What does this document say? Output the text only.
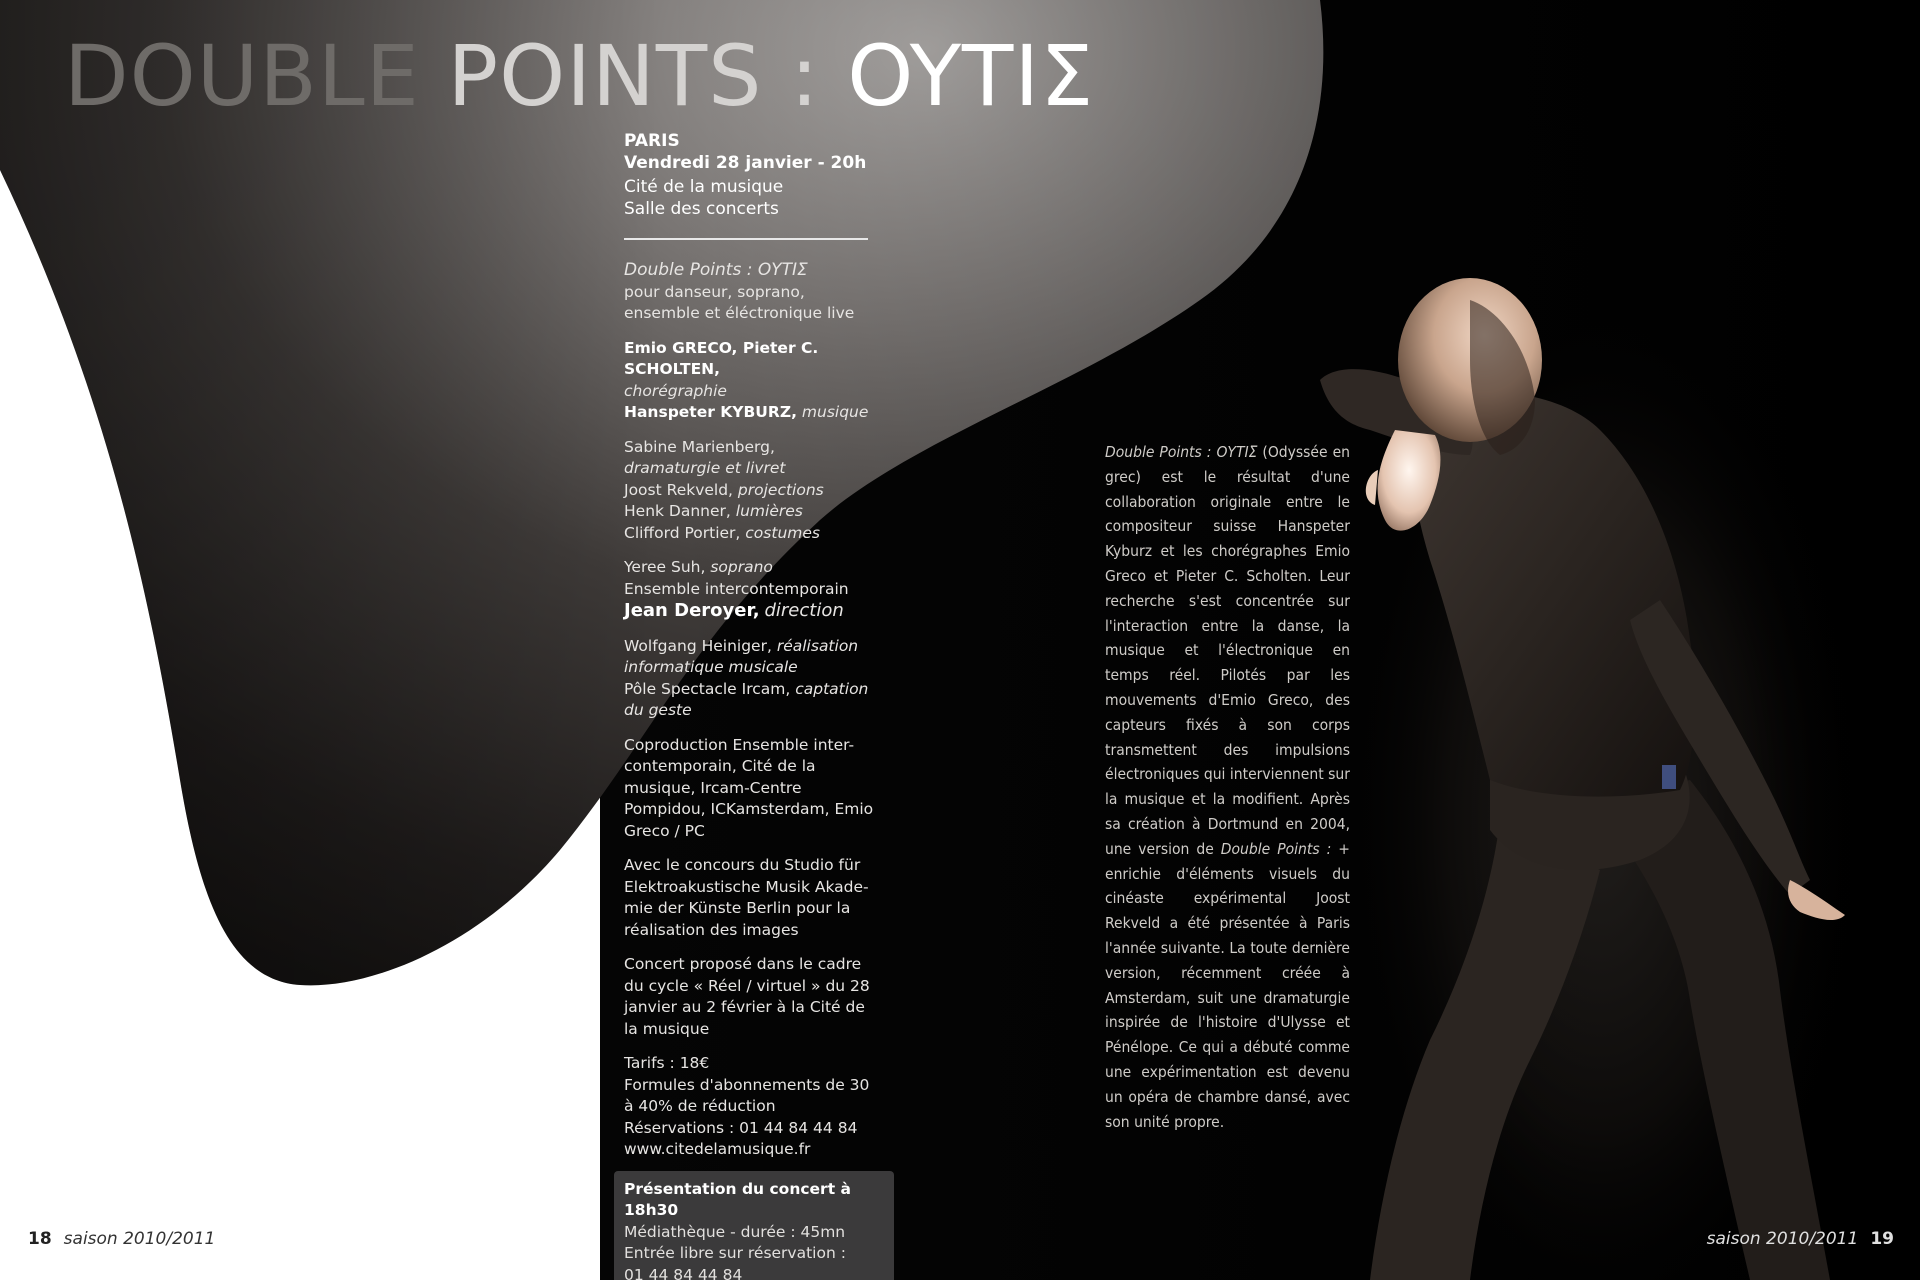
DOUBLE POINTS : OYTIΣ
PARIS
Vendredi 28 janvier - 20h
Cité de la musique
Salle des concerts

Double Points : OYTIΣ
pour danseur, soprano, ensemble et éléctronique live

Emio GRECO, Pieter C. SCHOLTEN,
chorégraphie
Hanspeter KYBURZ, musique

Sabine Marienberg, dramaturgie et livret
Joost Rekveld, projections
Henk Danner, lumières
Clifford Portier, costumes

Yeree Suh, soprano
Ensemble intercontemporain
Jean Deroyer, direction

Wolfgang Heiniger, réalisation informatique musicale
Pôle Spectacle Ircam, captation du geste

Coproduction Ensemble inter-contemporain, Cité de la musique, Ircam-Centre Pompidou, ICKamsterdam, Emio Greco / PC

Avec le concours du Studio für Elektroakustische Musik Akade-mie der Künste Berlin pour la réalisation des images

Concert proposé dans le cadre du cycle « Réel / virtuel » du 28 janvier au 2 février à la Cité de la musique

Tarifs : 18€
Formules d'abonnements de 30 à 40% de réduction
Réservations : 01 44 84 44 84
www.citedelamusique.fr

Présentation du concert à 18h30
Médiathèque - durée : 45mn
Entrée libre sur réservation :
01 44 84 44 84
Double Points : OYTIΣ (Odyssée en grec) est le résultat d'une collaboration originale entre le compositeur suisse Hanspeter Kyburz et les chorégraphes Emio Greco et Pieter C. Scholten. Leur recherche s'est concentrée sur l'interaction entre la danse, la musique et l'électronique en temps réel. Pilotés par les mouvements d'Emio Greco, des capteurs fixés à son corps transmettent des impulsions électroniques qui interviennent sur la musique et la modifient. Après sa création à Dortmund en 2004, une version de Double Points : + enrichie d'éléments visuels du cinéaste expérimental Joost Rekveld a été présentée à Paris l'année suivante. La toute dernière version, récemment créée à Amsterdam, suit une dramaturgie inspirée de l'histoire d'Ulysse et Pénélope. Ce qui a débuté comme une expérimentation est devenu un opéra de chambre dansé, avec son unité propre.
18 saison 2010/2011	saison 2010/2011 19
